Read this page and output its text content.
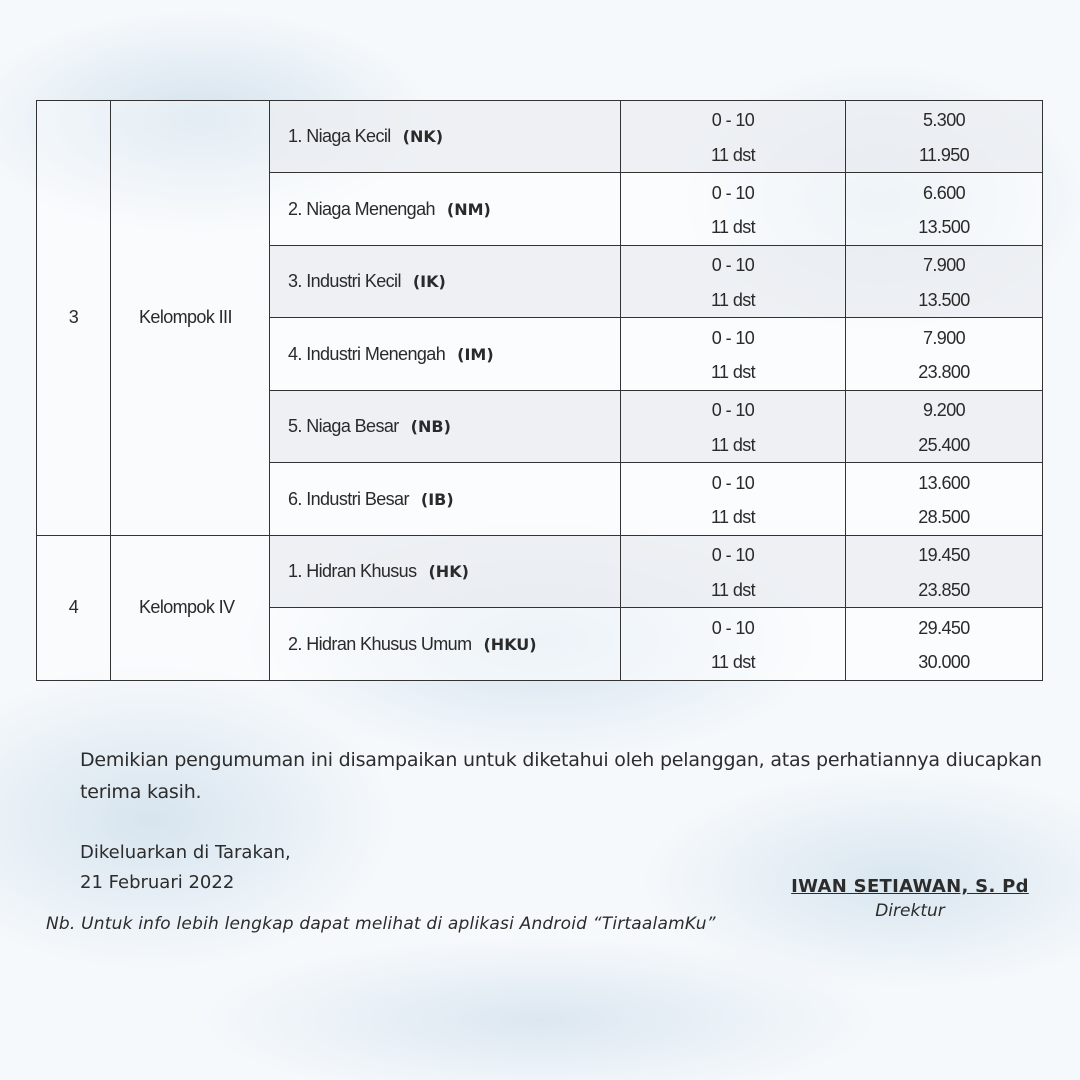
3	Kelompok III	1. Niaga Kecil (NK)	0 - 10	5.300
			11 dst	11.950
		2. Niaga Menengah (NM)	0 - 10	6.600
			11 dst	13.500
		3. Industri Kecil (IK)	0 - 10	7.900
			11 dst	13.500
		4. Industri Menengah (IM)	0 - 10	7.900
			11 dst	23.800
		5. Niaga Besar (NB)	0 - 10	9.200
			11 dst	25.400
		6. Industri Besar (IB)	0 - 10	13.600
			11 dst	28.500
4	Kelompok IV	1. Hidran Khusus (HK)	0 - 10	19.450
			11 dst	23.850
		2. Hidran Khusus Umum (HKU)	0 - 10	29.450
			11 dst	30.000
Demikian pengumuman ini disampaikan untuk diketahui oleh pelanggan, atas perhatiannya diucapkan terima kasih.
Dikeluarkan di Tarakan,
21 Februari 2022
Nb. Untuk info lebih lengkap dapat melihat di aplikasi Android “TirtaalamKu”
IWAN SETIAWAN, S. Pd
Direktur
